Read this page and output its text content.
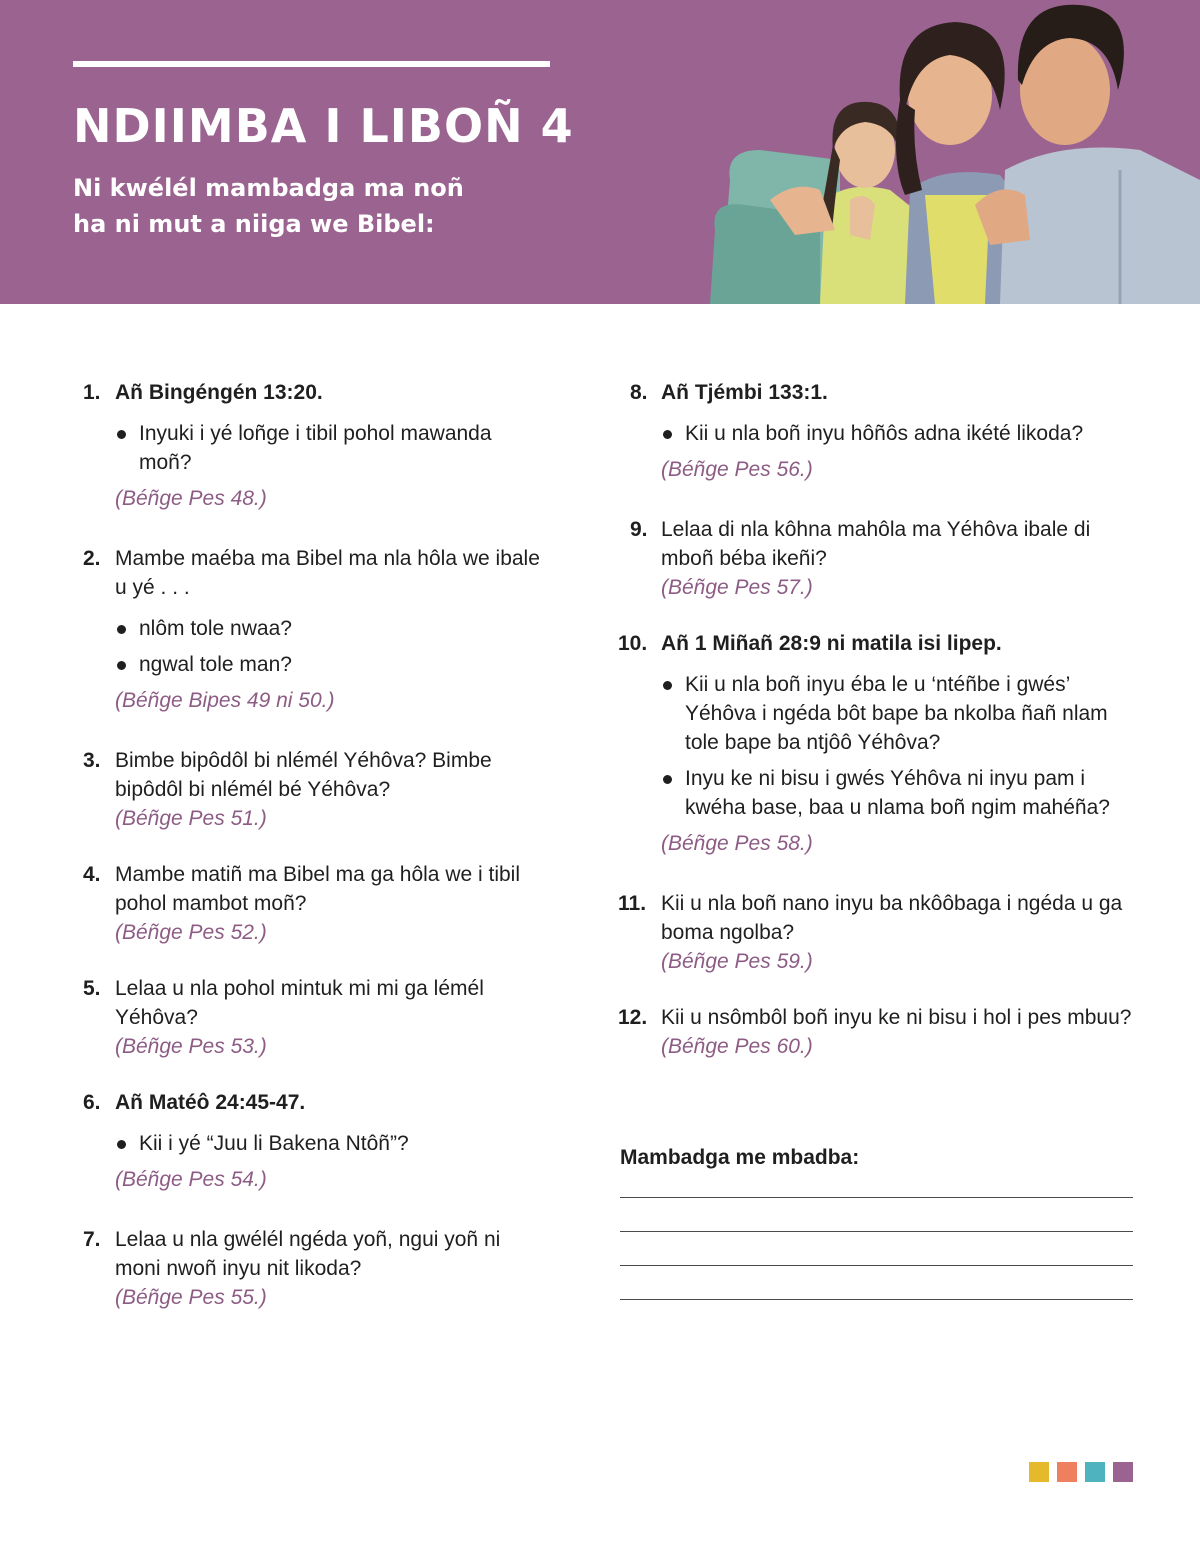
NDIIMBA I LIBOÑ 4

Ni kwélél mambadga ma noñ ha ni mut a niiga we Bibel:

1. Añ Bingéngén 13:20.
Inyuki i yé loñge i tibil pohol mawanda moñ?
(Béñge Pes 48.)
2. Mambe maéba ma Bibel ma nla hôla we ibale u yé . . .
nlôm tole nwaa?
ngwal tole man?
(Béñge Bipes 49 ni 50.)
3. Bimbe bipôdôl bi nlémél Yéhôva? Bimbe bipôdôl bi nlémél bé Yéhôva?
(Béñge Pes 51.)
4. Mambe matiñ ma Bibel ma ga hôla we i tibil pohol mambot moñ?
(Béñge Pes 52.)
5. Lelaa u nla pohol mintuk mi mi ga lémél Yéhôva?
(Béñge Pes 53.)
6. Añ Matéô 24:45-47.
Kii i yé “Juu li Bakena Ntôñ”?
(Béñge Pes 54.)
7. Lelaa u nla gwélél ngéda yoñ, ngui yoñ ni moni nwoñ inyu nit likoda?
(Béñge Pes 55.)
8. Añ Tjémbi 133:1.
Kii u nla boñ inyu hôñôs adna ikété likoda?
(Béñge Pes 56.)
9. Lelaa di nla kôhna mahôla ma Yéhôva ibale di mboñ béba ikeñi?
(Béñge Pes 57.)
10. Añ 1 Miñañ 28:9 ni matila isi lipep.
Kii u nla boñ inyu éba le u ‘ntéñbe i gwés’ Yéhôva i ngéda bôt bape ba nkolba ñañ nlam tole bape ba ntjôô Yéhôva?
Inyu ke ni bisu i gwés Yéhôva ni inyu pam i kwéha base, baa u nlama boñ ngim mahéña?
(Béñge Pes 58.)
11. Kii u nla boñ nano inyu ba nkôôbaga i ngéda u ga boma ngolba?
(Béñge Pes 59.)
12. Kii u nsômbôl boñ inyu ke ni bisu i hol i pes mbuu?
(Béñge Pes 60.)
Mambadga me mbadba:
